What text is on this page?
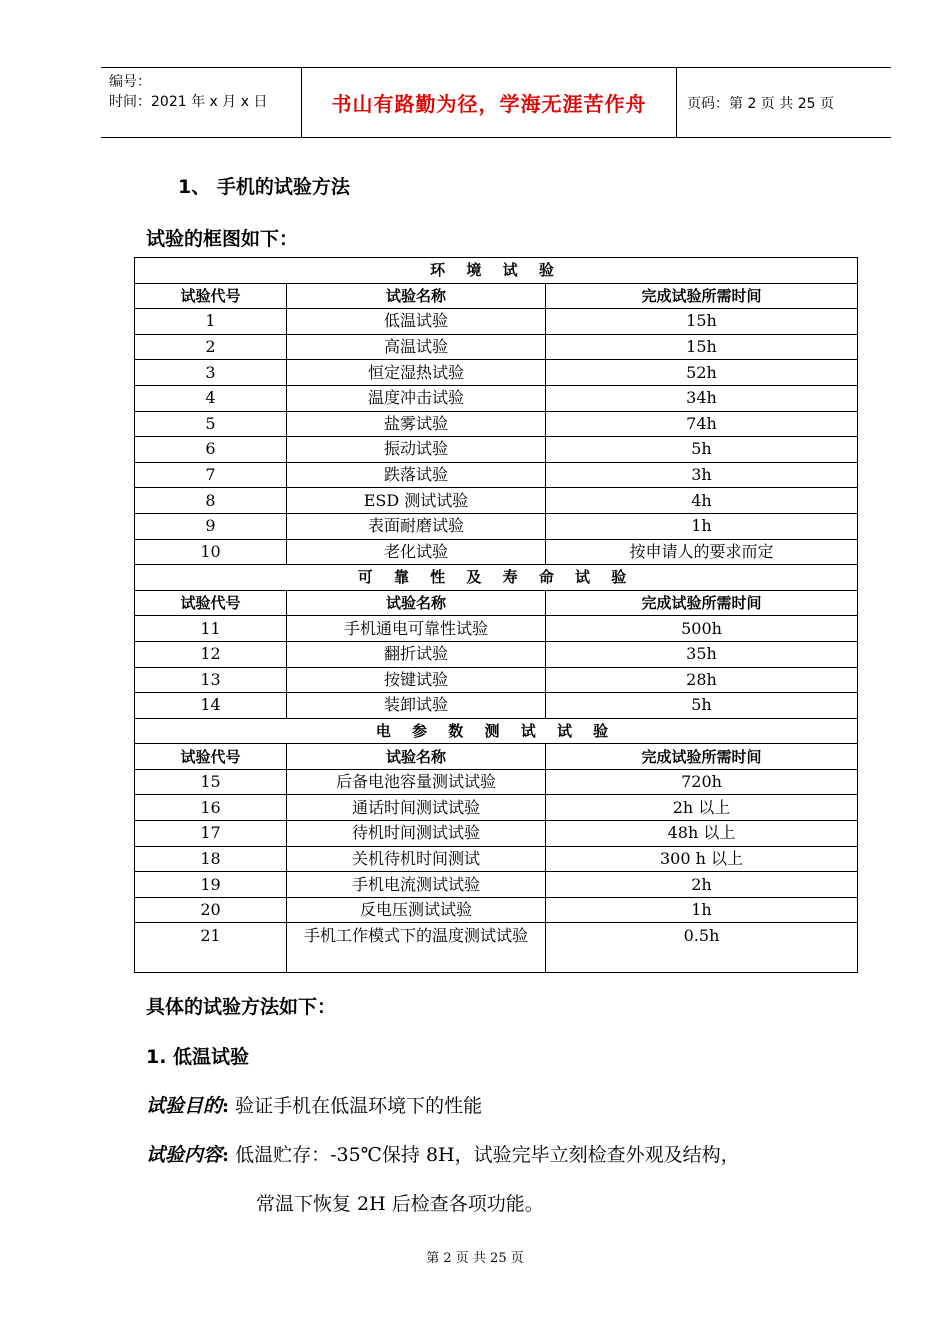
编号：
时间：2021 年 x 月 x 日	书山有路勤为径，学海无涯苦作舟	页码：第 2 页 共 25 页
1、 手机的试验方法
试验的框图如下：
环 境 试 验		
试验代号	试验名称	完成试验所需时间
1	低温试验	15h
2	高温试验	15h
3	恒定湿热试验	52h
4	温度冲击试验	34h
5	盐雾试验	74h
6	振动试验	5h
7	跌落试验	3h
8	ESD 测试试验	4h
9	表面耐磨试验	1h
10	老化试验	按申请人的要求而定
可 靠 性 及 寿 命 试 验		
试验代号	试验名称	完成试验所需时间
11	手机通电可靠性试验	500h
12	翻折试验	35h
13	按键试验	28h
14	装卸试验	5h
电 参 数 测 试 试 验		
试验代号	试验名称	完成试验所需时间
15	后备电池容量测试试验	720h
16	通话时间测试试验	2h 以上
17	待机时间测试试验	48h 以上
18	关机待机时间测试	300 h 以上
19	手机电流测试试验	2h
20	反电压测试试验	1h
21	手机工作模式下的温度测试试验	0.5h
具体的试验方法如下：
1. 低温试验
试验目的: 验证手机在低温环境下的性能
试验内容: 低温贮存：-35℃保持 8H，试验完毕立刻检查外观及结构，
常温下恢复 2H 后检查各项功能。
第 2 页 共 25 页
